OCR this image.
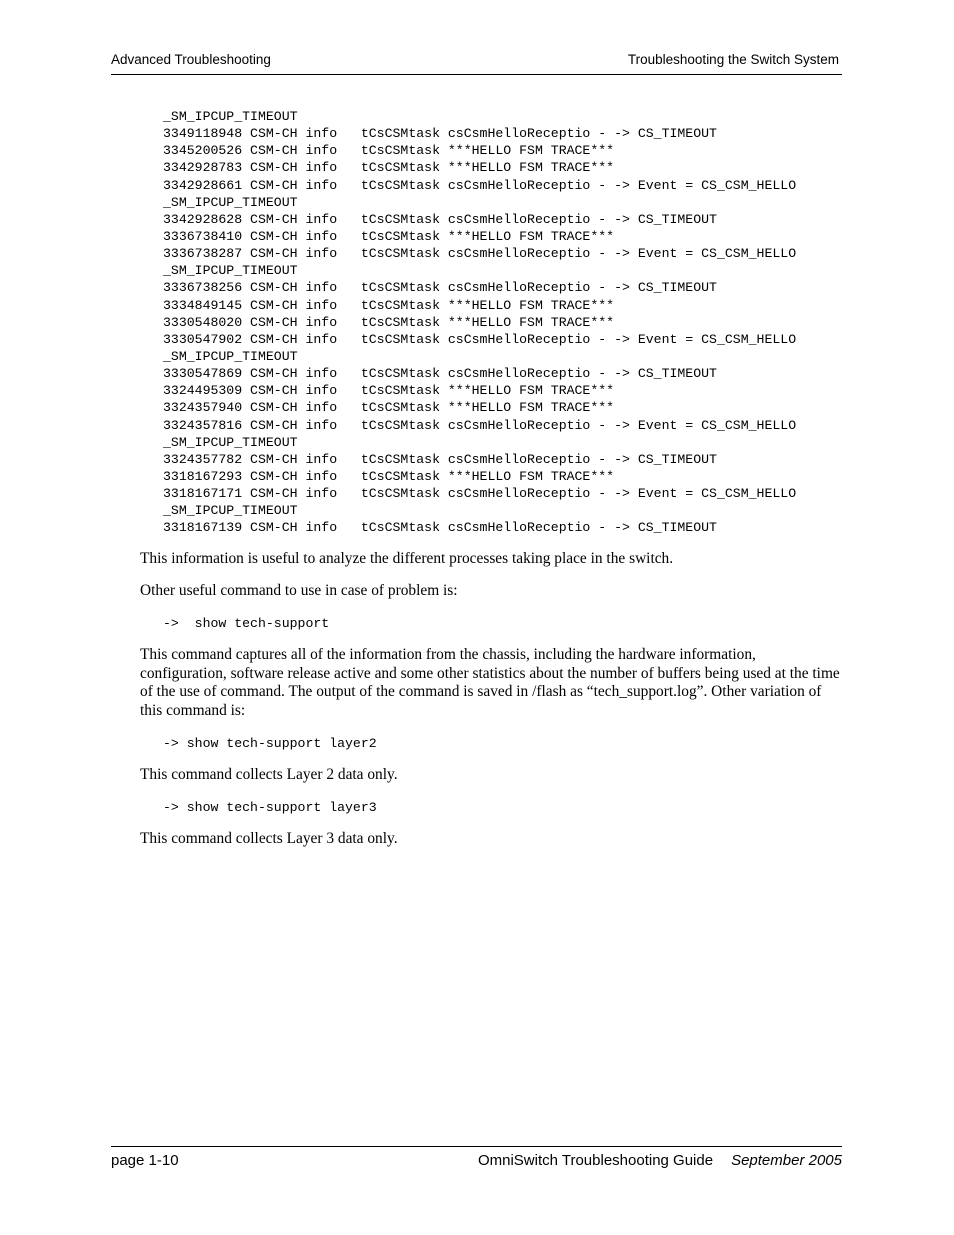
Advanced Troubleshooting	Troubleshooting the Switch System
_SM_IPCUP_TIMEOUT
3349118948 CSM-CH info   tCsCSMtask csCsmHelloReceptio - -> CS_TIMEOUT
3345200526 CSM-CH info   tCsCSMtask ***HELLO FSM TRACE***
3342928783 CSM-CH info   tCsCSMtask ***HELLO FSM TRACE***
3342928661 CSM-CH info   tCsCSMtask csCsmHelloReceptio - -> Event = CS_CSM_HELLO
_SM_IPCUP_TIMEOUT
3342928628 CSM-CH info   tCsCSMtask csCsmHelloReceptio - -> CS_TIMEOUT
3336738410 CSM-CH info   tCsCSMtask ***HELLO FSM TRACE***
3336738287 CSM-CH info   tCsCSMtask csCsmHelloReceptio - -> Event = CS_CSM_HELLO
_SM_IPCUP_TIMEOUT
3336738256 CSM-CH info   tCsCSMtask csCsmHelloReceptio - -> CS_TIMEOUT
3334849145 CSM-CH info   tCsCSMtask ***HELLO FSM TRACE***
3330548020 CSM-CH info   tCsCSMtask ***HELLO FSM TRACE***
3330547902 CSM-CH info   tCsCSMtask csCsmHelloReceptio - -> Event = CS_CSM_HELLO
_SM_IPCUP_TIMEOUT
3330547869 CSM-CH info   tCsCSMtask csCsmHelloReceptio - -> CS_TIMEOUT
3324495309 CSM-CH info   tCsCSMtask ***HELLO FSM TRACE***
3324357940 CSM-CH info   tCsCSMtask ***HELLO FSM TRACE***
3324357816 CSM-CH info   tCsCSMtask csCsmHelloReceptio - -> Event = CS_CSM_HELLO
_SM_IPCUP_TIMEOUT
3324357782 CSM-CH info   tCsCSMtask csCsmHelloReceptio - -> CS_TIMEOUT
3318167293 CSM-CH info   tCsCSMtask ***HELLO FSM TRACE***
3318167171 CSM-CH info   tCsCSMtask csCsmHelloReceptio - -> Event = CS_CSM_HELLO
_SM_IPCUP_TIMEOUT
3318167139 CSM-CH info   tCsCSMtask csCsmHelloReceptio - -> CS_TIMEOUT

This information is useful to analyze the different processes taking place in the switch.

Other useful command to use in case of problem is:

->  show tech-support

This command captures all of the information from the chassis, including the hardware information, configuration, software release active and some other statistics about the number of buffers being used at the time of the use of command. The output of the command is saved in /flash as “tech_support.log”. Other variation of this command is:

-> show tech-support layer2

This command collects Layer 2 data only.

-> show tech-support layer3

This command collects Layer 3 data only.

page 1-10	OmniSwitch Troubleshooting Guide September 2005
